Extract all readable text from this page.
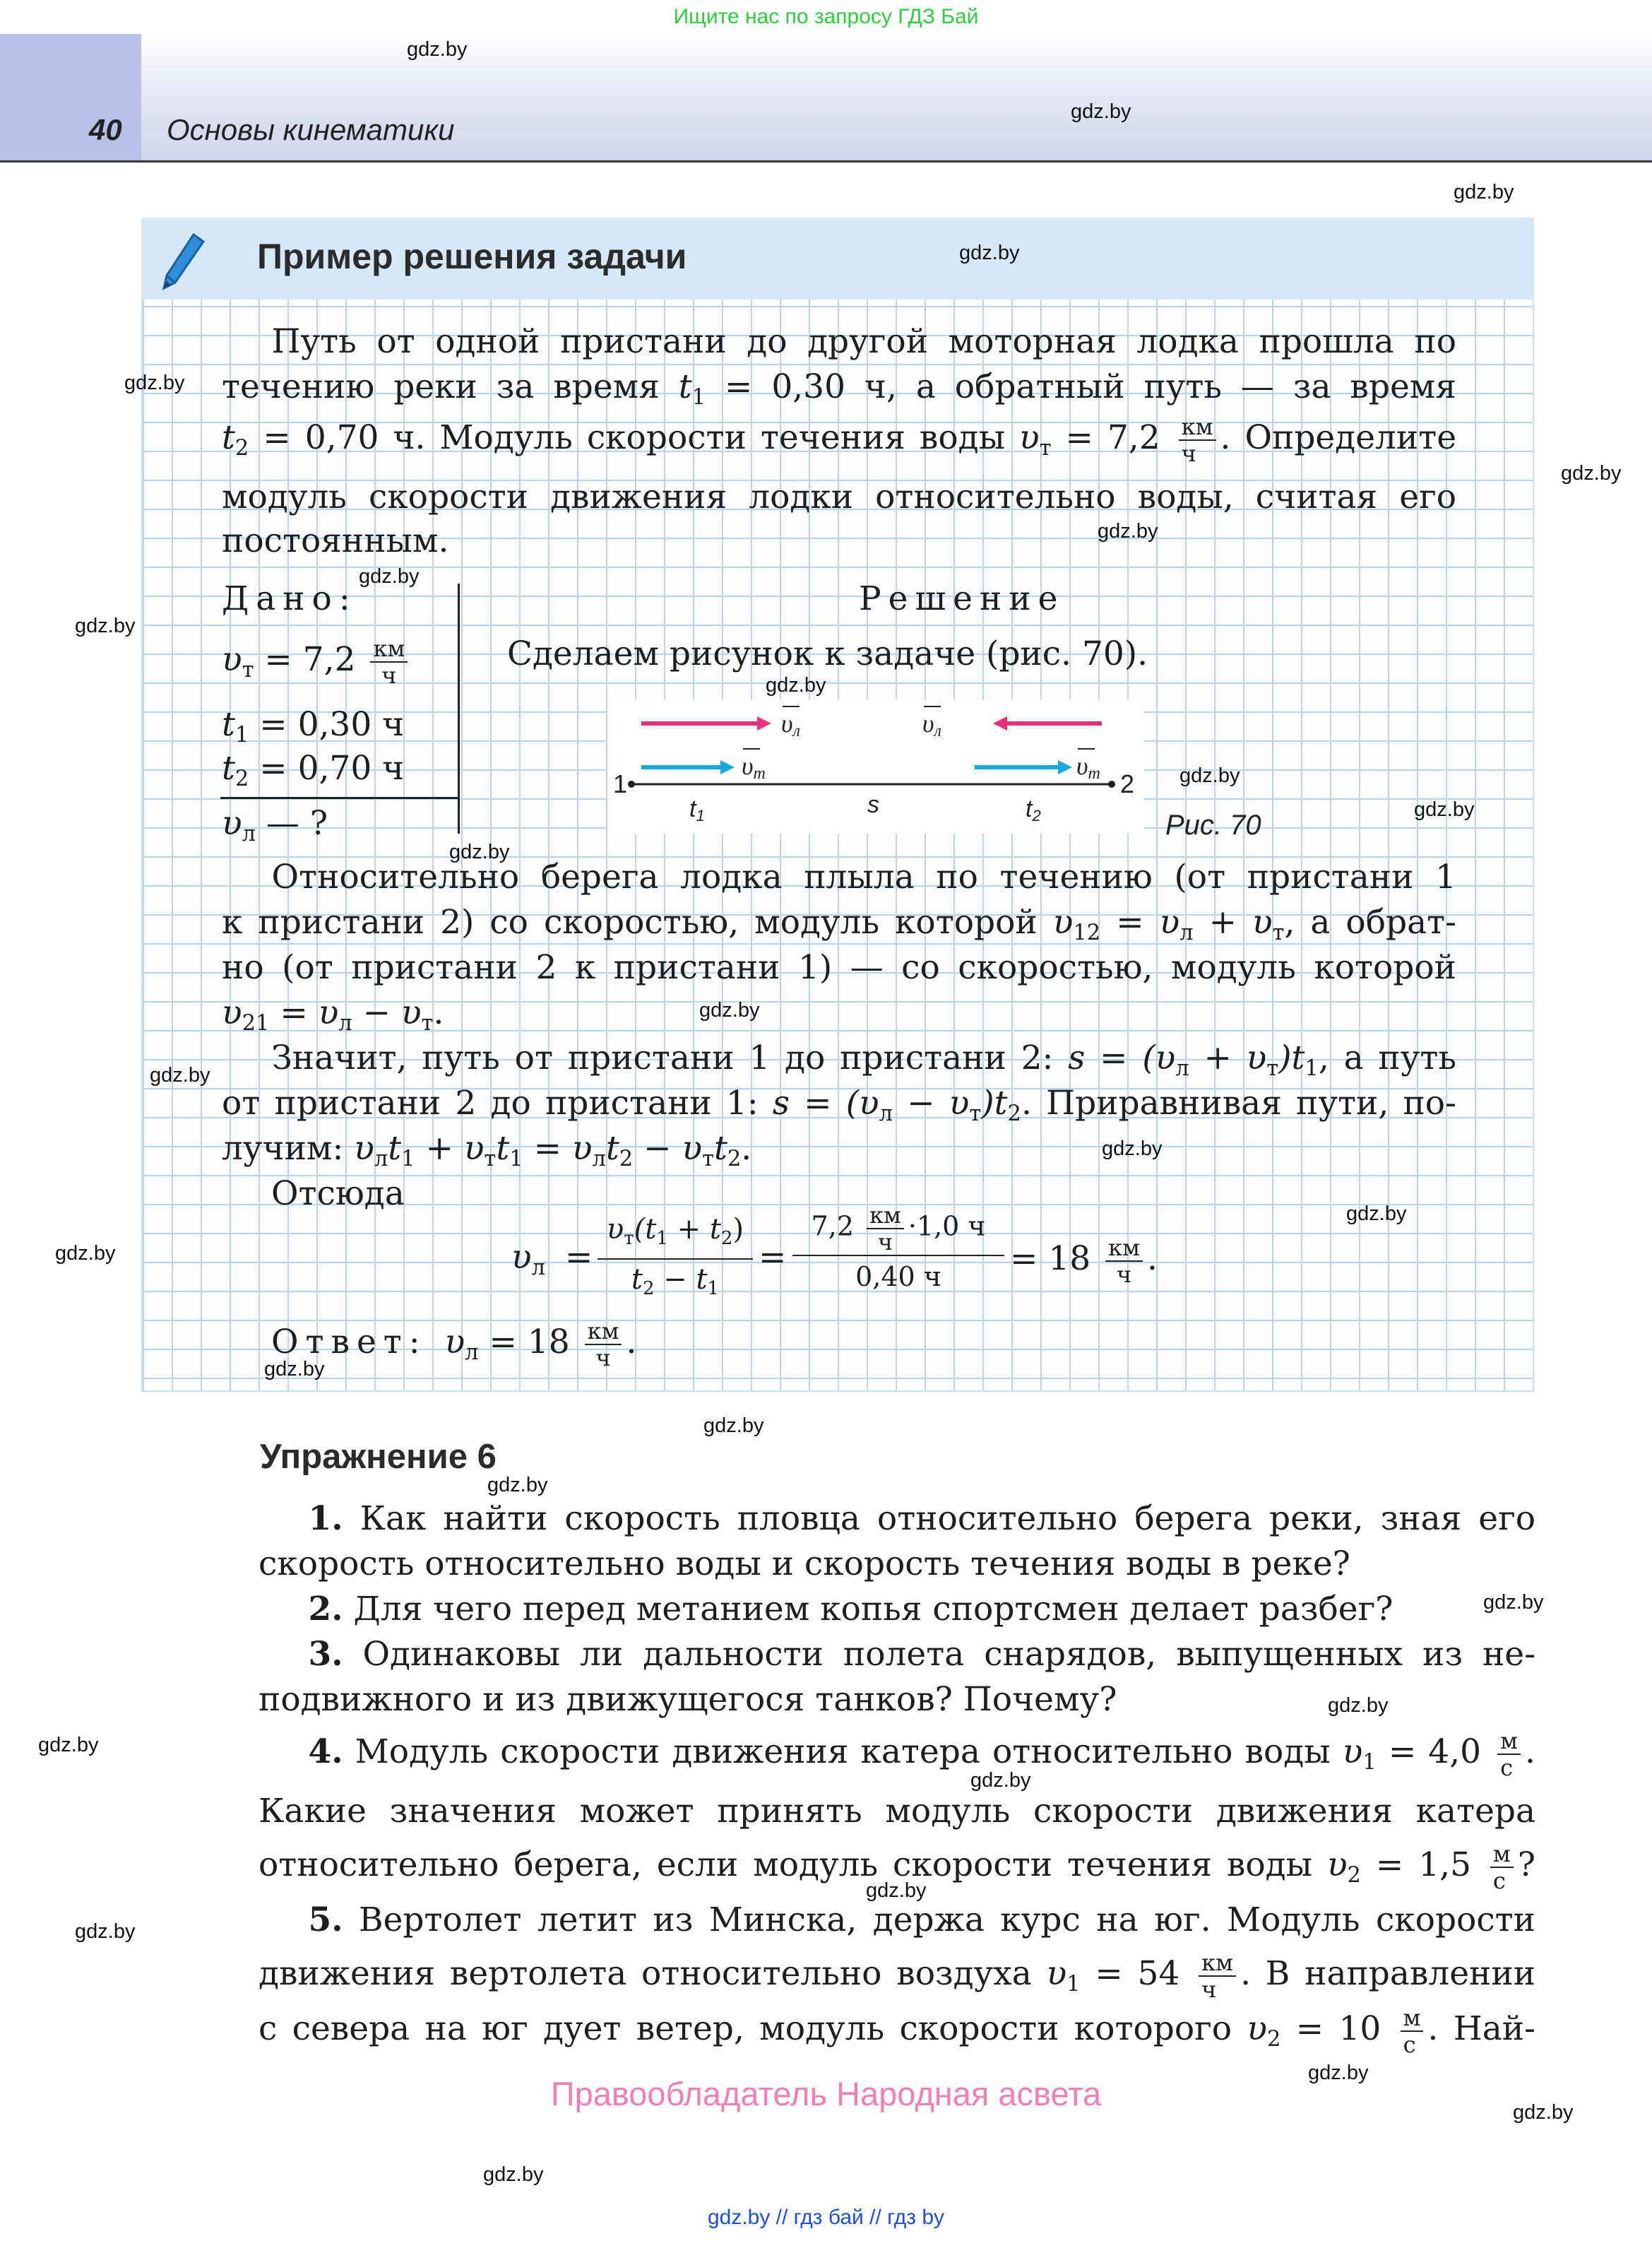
Ищите нас по запросу ГДЗ Бай
40 Основы кинематики
Пример решения задачи
  Путь от одной пристани до другой моторная лодка прошла по
течению реки за время $t_1 = 0,30$ ч, а обратный путь — за время
$t_2 = 0,70$ ч. Модуль скорости течения воды $\upsilon_т = 7,2 \frac{км}{ч}$ . Определите
модуль скорости движения лодки относительно воды, считая его
постоянным.
Дано:
$\upsilon_т = 7,2 \frac{км}{ч}$
$t_1 = 0,30$ ч
$t_2 = 0,70$ ч
$\upsilon_л$ — ?
Решение
Сделаем рисунок к задаче (рис. 70).
1	2
υл	υл
υт	υт
t1	s	t2	Рис. 70
  Относительно берега лодка плыла по течению (от пристани 1
к пристани 2) со скоростью, модуль которой $\upsilon_{12} = \upsilon_л + \upsilon_т$, а обрат-
но (от пристани 2 к пристани 1) — со скоростью, модуль которой
$\upsilon_{21} = \upsilon_л - \upsilon_т$.
  Значит, путь от пристани 1 до пристани 2: $s = (\upsilon_л + \upsilon_т)t_1$, а путь
от пристани 2 до пристани 1: $s = (\upsilon_л - \upsilon_т)t_2$. Приравнивая пути, по-
лучим: $\upsilon_лt_1 + \upsilon_тt_1 = \upsilon_лt_2 - \upsilon_тt_2$.
Отсюда
$\upsilon_л$ =
$\upsilon_т(t_1 + t_2)$
$t_2 - t_1$
=
$7,2 \frac{км}{ч} \cdot 1,0$ ч
0,40 ч	= $18 \frac{км}{ч}$ .
Ответ: $\upsilon_л = 18 \frac{км}{ч}$ .
Упражнение 6
  1. Как найти скорость пловца относительно берега реки, зная его
скорость относительно воды и скорость течения воды в реке?
  2. Для чего перед метанием копья спортсмен делает разбег?
  3. Одинаковы ли дальности полета снарядов, выпущенных из не-
подвижного и из движущегося танков? Почему?
  4. Модуль скорости движения катера относительно воды $\upsilon_1 = 4,0 \frac{м}{с}$ .
Какие значения может принять модуль скорости движения катера
относительно берега, если модуль скорости течения воды $\upsilon_2 = 1,5 \frac{м}{с}$ ?
  5. Вертолет летит из Минска, держа курс на юг. Модуль скорости
движения вертолета относительно воздуха $\upsilon_1 = 54 \frac{км}{ч}$ . В направлении
с севера на юг дует ветер, модуль скорости которого $\upsilon_2 = 10 \frac{м}{с}$ . Най-
Правообладатель Народная асвета
gdz.by // гдз бай // гдз by
gdz.by
gdz.by
gdz.by
gdz.by
gdz.by
gdz.by
gdz.by
gdz.by
gdz.by
gdz.by
gdz.by
gdz.by
gdz.by
gdz.by
gdz.by
gdz.by
gdz.by
gdz.by
gdz.by
gdz.by
gdz.by
gdz.by
gdz.by
gdz.by
gdz.by
gdz.by
gdz.by
gdz.by
gdz.by
gdz.by
